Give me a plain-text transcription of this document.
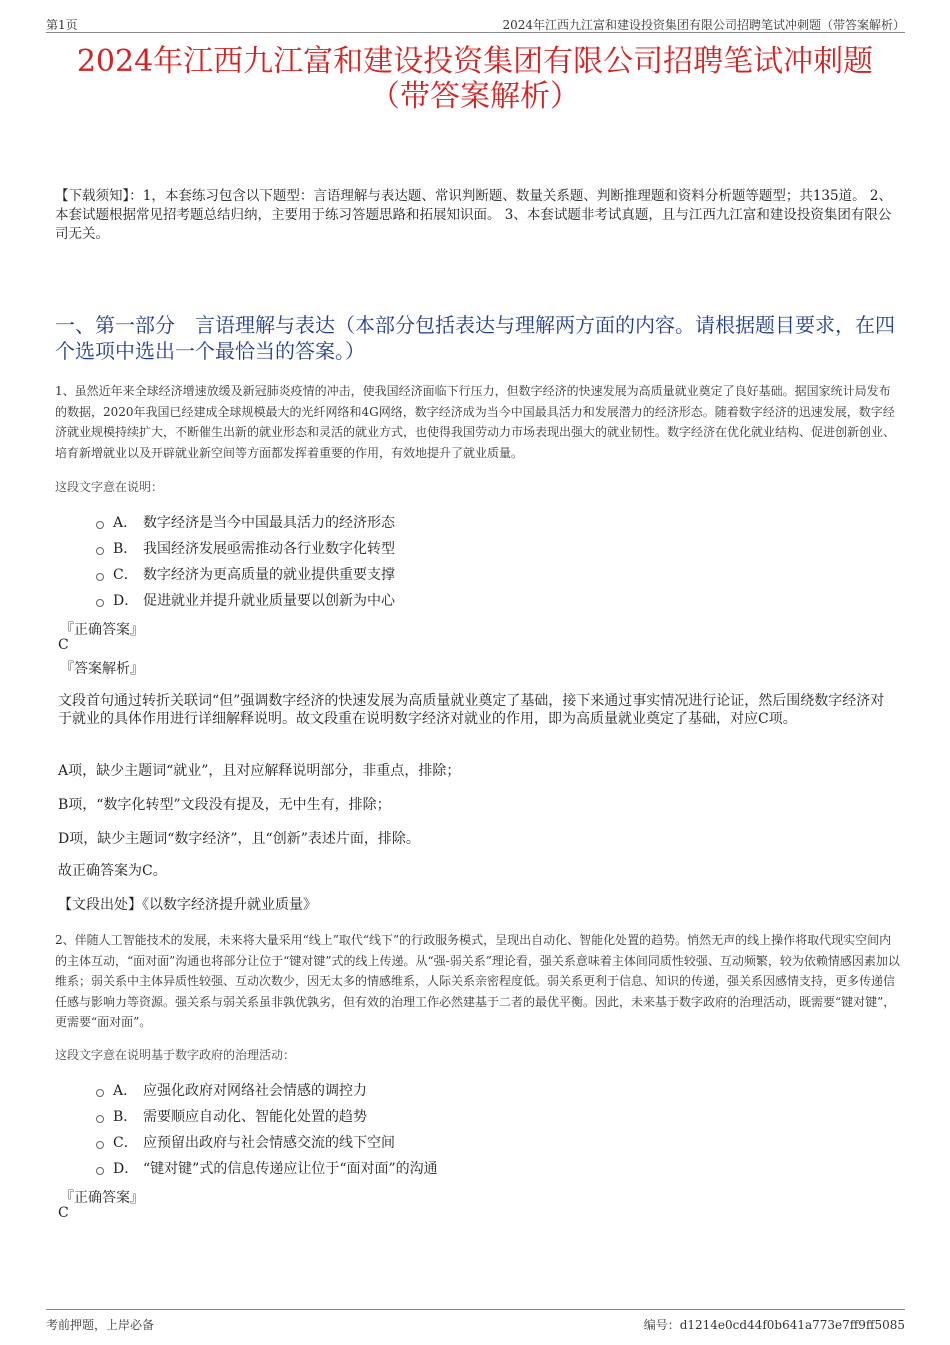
第1页	2024年江西九江富和建设投资集团有限公司招聘笔试冲刺题（带答案解析）
2024年江西九江富和建设投资集团有限公司招聘笔试冲刺题
（带答案解析）
【下载须知】：1，本套练习包含以下题型：言语理解与表达题、常识判断题、数量关系题、判断推理题和资料分析题等题型；共135道。 2、本套试题根据常见招考题总结归纳，主要用于练习答题思路和拓展知识面。 3、本套试题非考试真题，且与江西九江富和建设投资集团有限公司无关。
一、第一部分　言语理解与表达（本部分包括表达与理解两方面的内容。请根据题目要求，在四个选项中选出一个最恰当的答案。）
1、虽然近年来全球经济增速放缓及新冠肺炎疫情的冲击，使我国经济面临下行压力，但数字经济的快速发展为高质量就业奠定了良好基础。据国家统计局发布的数据，2020年我国已经建成全球规模最大的光纤网络和4G网络，数字经济成为当今中国最具活力和发展潜力的经济形态。随着数字经济的迅速发展，数字经济就业规模持续扩大，不断催生出新的就业形态和灵活的就业方式，也使得我国劳动力市场表现出强大的就业韧性。数字经济在优化就业结构、促进创新创业、培育新增就业以及开辟就业新空间等方面都发挥着重要的作用，有效地提升了就业质量。
这段文字意在说明：
A． 数字经济是当今中国最具活力的经济形态
B． 我国经济发展亟需推动各行业数字化转型
C． 数字经济为更高质量的就业提供重要支撑
D． 促进就业并提升就业质量要以创新为中心
『正确答案』
C
『答案解析』
文段首句通过转折关联词“但”强调数字经济的快速发展为高质量就业奠定了基础，接下来通过事实情况进行论证，然后围绕数字经济对于就业的具体作用进行详细解释说明。故文段重在说明数字经济对就业的作用，即为高质量就业奠定了基础，对应C项。
A项，缺少主题词“就业”，且对应解释说明部分，非重点，排除；
B项，“数字化转型”文段没有提及，无中生有，排除；
D项，缺少主题词“数字经济”，且“创新”表述片面，排除。
故正确答案为C。
【文段出处】《以数字经济提升就业质量》
2、伴随人工智能技术的发展，未来将大量采用“线上”取代“线下”的行政服务模式，呈现出自动化、智能化处置的趋势。悄然无声的线上操作将取代现实空间内的主体互动，“面对面”沟通也将部分让位于“键对键”式的线上传递。从“强-弱关系”理论看，强关系意味着主体间同质性较强、互动频繁，较为依赖情感因素加以维系；弱关系中主体异质性较强、互动次数少，因无太多的情感维系，人际关系亲密程度低。弱关系更利于信息、知识的传递，强关系因感情支持，更多传递信任感与影响力等资源。强关系与弱关系虽非孰优孰劣，但有效的治理工作必然建基于二者的最优平衡。因此，未来基于数字政府的治理活动，既需要“键对键”，更需要“面对面”。
这段文字意在说明基于数字政府的治理活动：
A． 应强化政府对网络社会情感的调控力
B． 需要顺应自动化、智能化处置的趋势
C． 应预留出政府与社会情感交流的线下空间
D． “键对键”式的信息传递应让位于“面对面”的沟通
『正确答案』
C
考前押题，上岸必备	编号：d1214e0cd44f0b641a773e7ff9ff5085
